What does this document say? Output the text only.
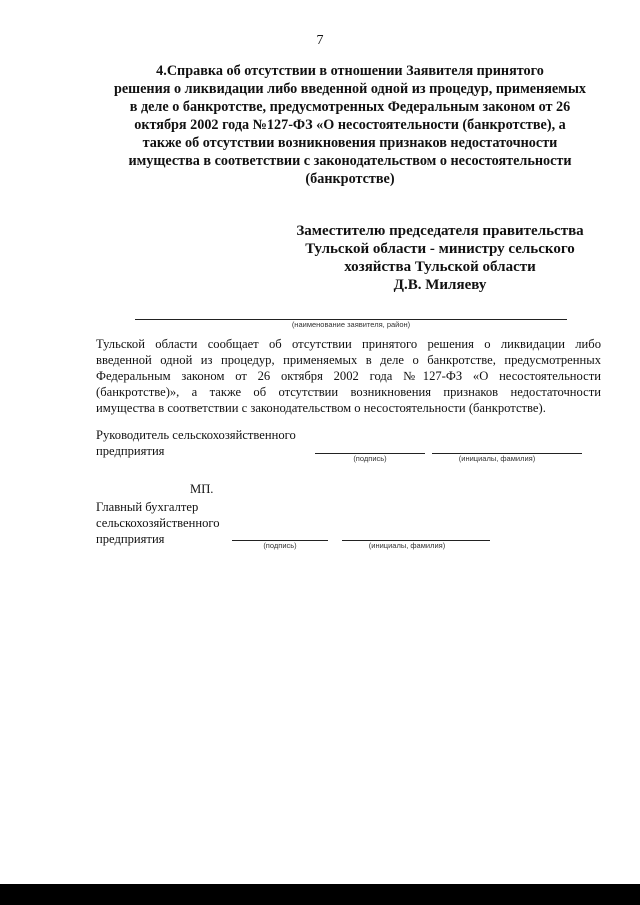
7

4.Справка об отсутствии в отношении Заявителя принятого

решения о ликвидации либо введенной одной из процедур, применяемых

в деле о банкротстве, предусмотренных Федеральным законом от 26

октября 2002 года №127-ФЗ «О несостоятельности (банкротстве), а

также об отсутствии возникновения признаков недостаточности

имущества в соответствии с законодательством о несостоятельности

(банкротстве)

Заместителю председателя правительства

Тульской области - министру сельского

хозяйства Тульской области

Д.В. Миляеву

(наименование заявителя, район)

Тульской области сообщает об отсутствии принятого решения о ликвидации либо

введенной одной из процедур, применяемых в деле о банкротстве, предусмотренных

Федеральным законом от 26 октября 2002 года №127-ФЗ «О несостоятельности

(банкротстве)», а также об отсутствии возникновения признаков недостаточности

имущества в соответствии с законодательством о несостоятельности (банкротстве).

Руководитель сельскохозяйственного

предприятия

(подпись)	(инициалы, фамилия)
МП.

Главный бухгалтер

сельскохозяйственного

предприятия	(подпись)	(инициалы, фамилия)
